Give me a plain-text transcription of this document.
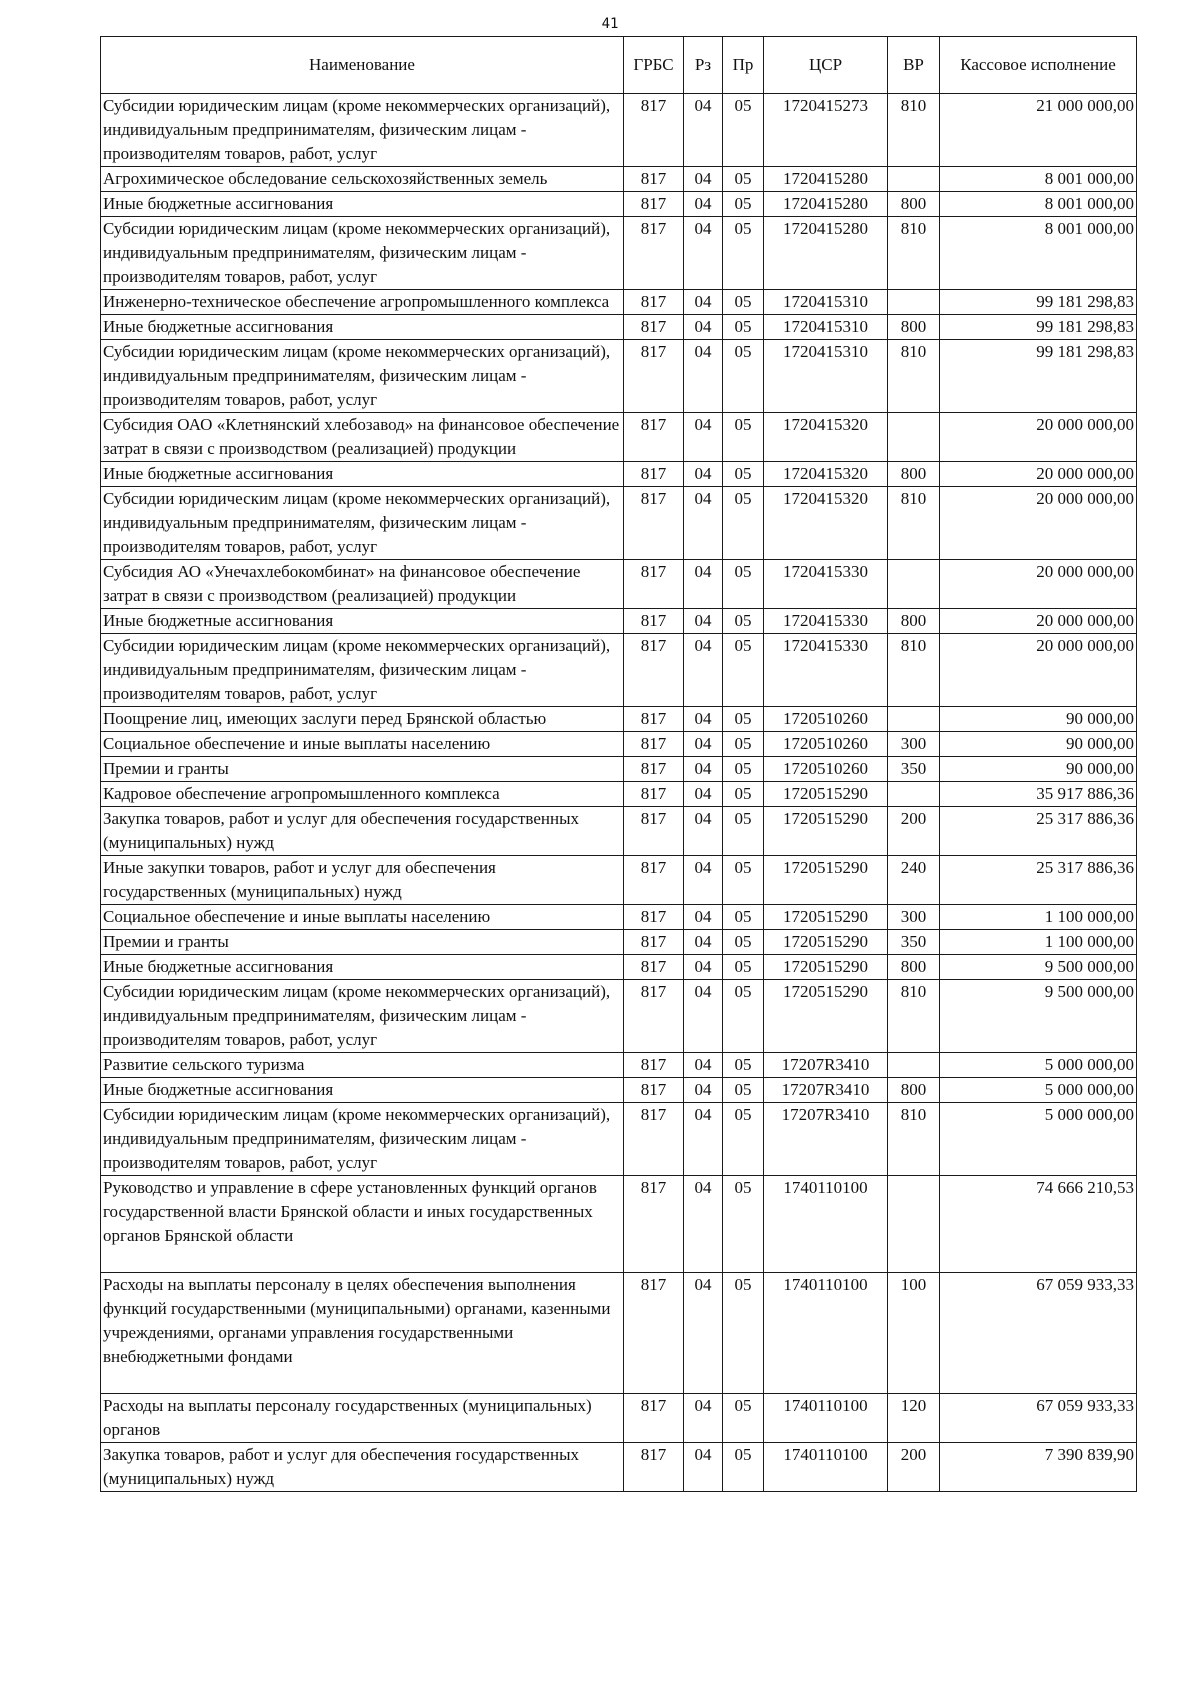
41
Наименование	ГРБС	Рз	Пр	ЦСР	ВР	Кассовое исполнение
Субсидии юридическим лицам (кроме некоммерческих организаций), индивидуальным предпринимателям, физическим лицам - производителям товаров, работ, услуг	817	04	05	1720415273	810	21 000 000,00
Агрохимическое обследование сельскохозяйственных земель	817	04	05	1720415280		8 001 000,00
Иные бюджетные ассигнования	817	04	05	1720415280	800	8 001 000,00
Субсидии юридическим лицам (кроме некоммерческих организаций), индивидуальным предпринимателям, физическим лицам - производителям товаров, работ, услуг	817	04	05	1720415280	810	8 001 000,00
Инженерно-техническое обеспечение агропромышленного комплекса	817	04	05	1720415310		99 181 298,83
Иные бюджетные ассигнования	817	04	05	1720415310	800	99 181 298,83
Субсидии юридическим лицам (кроме некоммерческих организаций), индивидуальным предпринимателям, физическим лицам - производителям товаров, работ, услуг	817	04	05	1720415310	810	99 181 298,83
Субсидия ОАО «Клетнянский хлебозавод» на финансовое обеспечение затрат в связи с производством (реализацией) продукции	817	04	05	1720415320		20 000 000,00
Иные бюджетные ассигнования	817	04	05	1720415320	800	20 000 000,00
Субсидии юридическим лицам (кроме некоммерческих организаций), индивидуальным предпринимателям, физическим лицам - производителям товаров, работ, услуг	817	04	05	1720415320	810	20 000 000,00
Субсидия АО «Унечахлебокомбинат» на финансовое обеспечение затрат в связи с производством (реализацией) продукции	817	04	05	1720415330		20 000 000,00
Иные бюджетные ассигнования	817	04	05	1720415330	800	20 000 000,00
Субсидии юридическим лицам (кроме некоммерческих организаций), индивидуальным предпринимателям, физическим лицам - производителям товаров, работ, услуг	817	04	05	1720415330	810	20 000 000,00
Поощрение лиц, имеющих заслуги перед Брянской областью	817	04	05	1720510260		90 000,00
Социальное обеспечение и иные выплаты населению	817	04	05	1720510260	300	90 000,00
Премии и гранты	817	04	05	1720510260	350	90 000,00
Кадровое обеспечение агропромышленного комплекса	817	04	05	1720515290		35 917 886,36
Закупка товаров, работ и услуг для обеспечения государственных (муниципальных) нужд	817	04	05	1720515290	200	25 317 886,36
Иные закупки товаров, работ и услуг для обеспечения государственных (муниципальных) нужд	817	04	05	1720515290	240	25 317 886,36
Социальное обеспечение и иные выплаты населению	817	04	05	1720515290	300	1 100 000,00
Премии и гранты	817	04	05	1720515290	350	1 100 000,00
Иные бюджетные ассигнования	817	04	05	1720515290	800	9 500 000,00
Субсидии юридическим лицам (кроме некоммерческих организаций), индивидуальным предпринимателям, физическим лицам - производителям товаров, работ, услуг	817	04	05	1720515290	810	9 500 000,00
Развитие сельского туризма	817	04	05	17207R3410		5 000 000,00
Иные бюджетные ассигнования	817	04	05	17207R3410	800	5 000 000,00
Субсидии юридическим лицам (кроме некоммерческих организаций), индивидуальным предпринимателям, физическим лицам - производителям товаров, работ, услуг	817	04	05	17207R3410	810	5 000 000,00
Руководство и управление в сфере установленных функций органов государственной власти Брянской области и иных государственных органов Брянской области	817	04	05	1740110100		74 666 210,53
Расходы на выплаты персоналу в целях обеспечения выполнения функций государственными (муниципальными) органами, казенными учреждениями, органами управления государственными внебюджетными фондами	817	04	05	1740110100	100	67 059 933,33
Расходы на выплаты персоналу государственных (муниципальных) органов	817	04	05	1740110100	120	67 059 933,33
Закупка товаров, работ и услуг для обеспечения государственных (муниципальных) нужд	817	04	05	1740110100	200	7 390 839,90
